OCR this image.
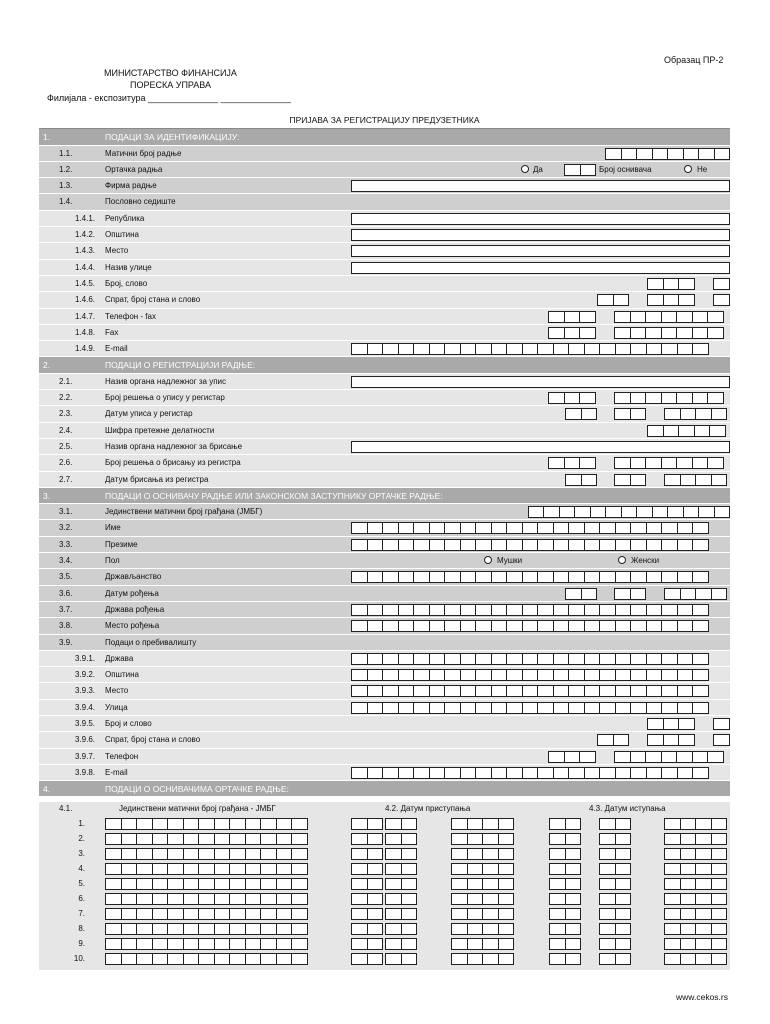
Образац ПР-2
МИНИСТАРСТВО ФИНАНСИЈА
ПОРЕСКА УПРАВА
Филијала - експозитура ______________ ______________
ПРИЈАВА ЗА РЕГИСТРАЦИЈУ ПРЕДУЗЕТНИКА
1.	ПОДАЦИ ЗА ИДЕНТИФИКАЦИЈУ:
1.1.	Матични број радње
1.2.	Ортачка радња	Да	Број оснивача	Не
1.3.	Фирма радње
1.4.	Пословно седиште
1.4.1. Република
1.4.2. Општина
1.4.3. Место
1.4.4. Назив улице
1.4.5. Број, слово
1.4.6. Спрат, број стана и слово
1.4.7. Телефон - fax
1.4.8. Fax
1.4.9. E-mail
2.	ПОДАЦИ О РЕГИСТРАЦИЈИ РАДЊЕ:
2.1.	Назив органа надлежног за упис
2.2.	Број решења о упису у регистар
2.3.	Датум уписа у регистар
2.4.	Шифра претежне делатности
2.5.	Назив органа надлежног за брисање
2.6.	Број решења о брисању из регистра
2.7.	Датум брисања из регистра
3.	ПОДАЦИ О ОСНИВАЧУ РАДЊЕ ИЛИ ЗАКОНСКОМ ЗАСТУПНИКУ ОРТАЧКЕ РАДЊЕ:
3.1.	Јединствени матични број грађана (ЈМБГ)
3.2.	Име
3.3.	Презиме
3.4.	Пол	Мушки	Женски
3.5.	Држављанство
3.6.	Датум рођења
3.7.	Држава рођења
3.8.	Место рођења
3.9.	Подаци о пребивалишту
3.9.1. Држава
3.9.2. Општина
3.9.3. Место
3.9.4. Улица
3.9.5. Број и слово
3.9.6. Спрат, број стана и слово
3.9.7. Телефон
3.9.8. E-mail
4.	ПОДАЦИ О ОСНИВАЧИМА ОРТАЧКЕ РАДЊЕ:
4.1.	Јединствени матични број грађана - ЈМБГ	4.2. Датум приступања	4.3. Датум иступања
1.
2.
3.
4.
5.
6.
7.
8.
9.
10.
www.cekos.rs
